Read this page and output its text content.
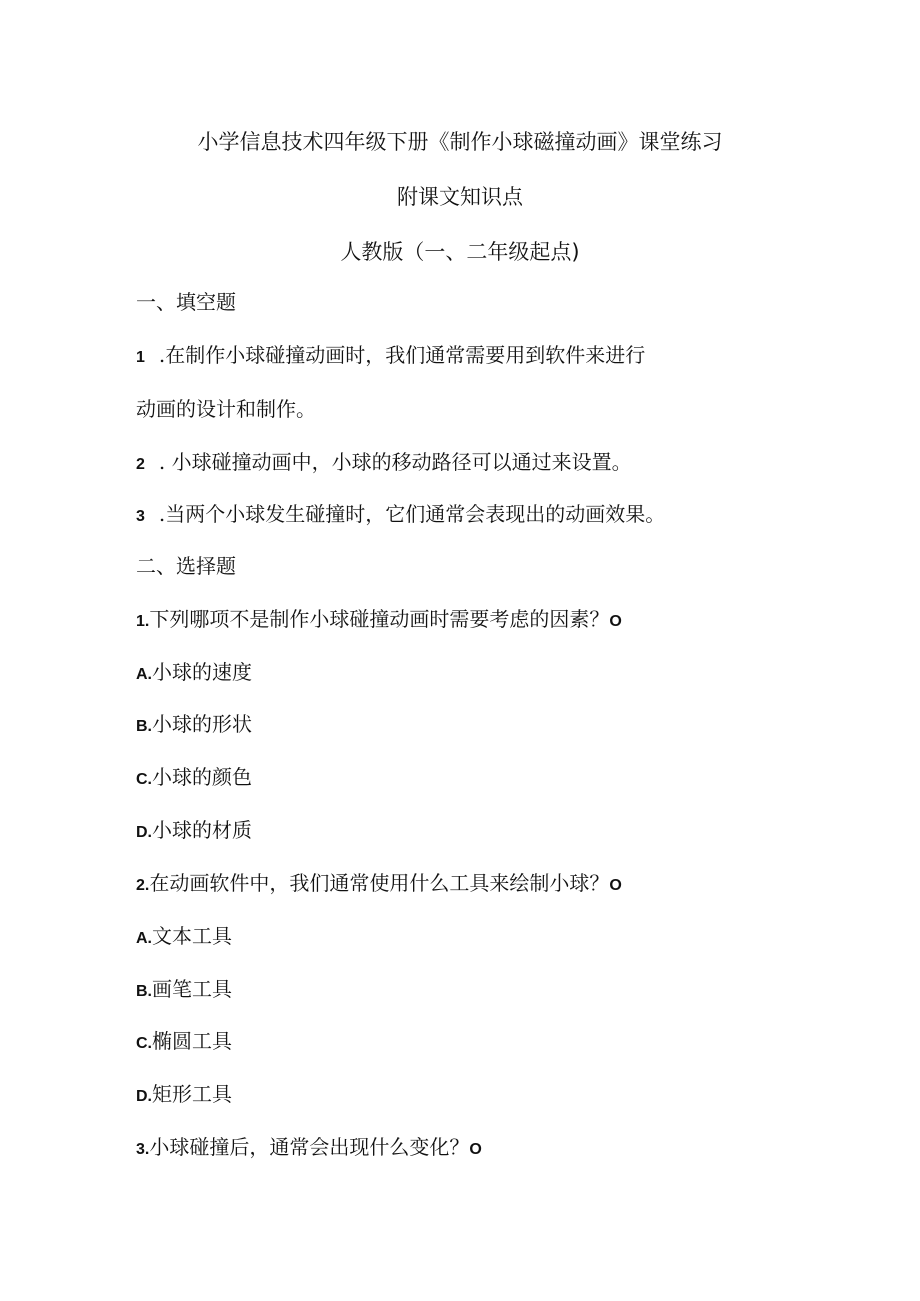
小学信息技术四年级下册《制作小球磁撞动画》课堂练习
附课文知识点
人教版（一、二年级起点)
一、填空题
1 .在制作小球碰撞动画时，我们通常需要用到软件来进行
动画的设计和制作。
2 . 小球碰撞动画中，小球的移动路径可以通过来设置。
3 .当两个小球发生碰撞时，它们通常会表现出的动画效果。
二、选择题
1.下列哪项不是制作小球碰撞动画时需要考虑的因素？O
A.小球的速度
B.小球的形状
C.小球的颜色
D.小球的材质
2.在动画软件中，我们通常使用什么工具来绘制小球？O
A.文本工具
B.画笔工具
C.椭圆工具
D.矩形工具
3.小球碰撞后，通常会出现什么变化？O
